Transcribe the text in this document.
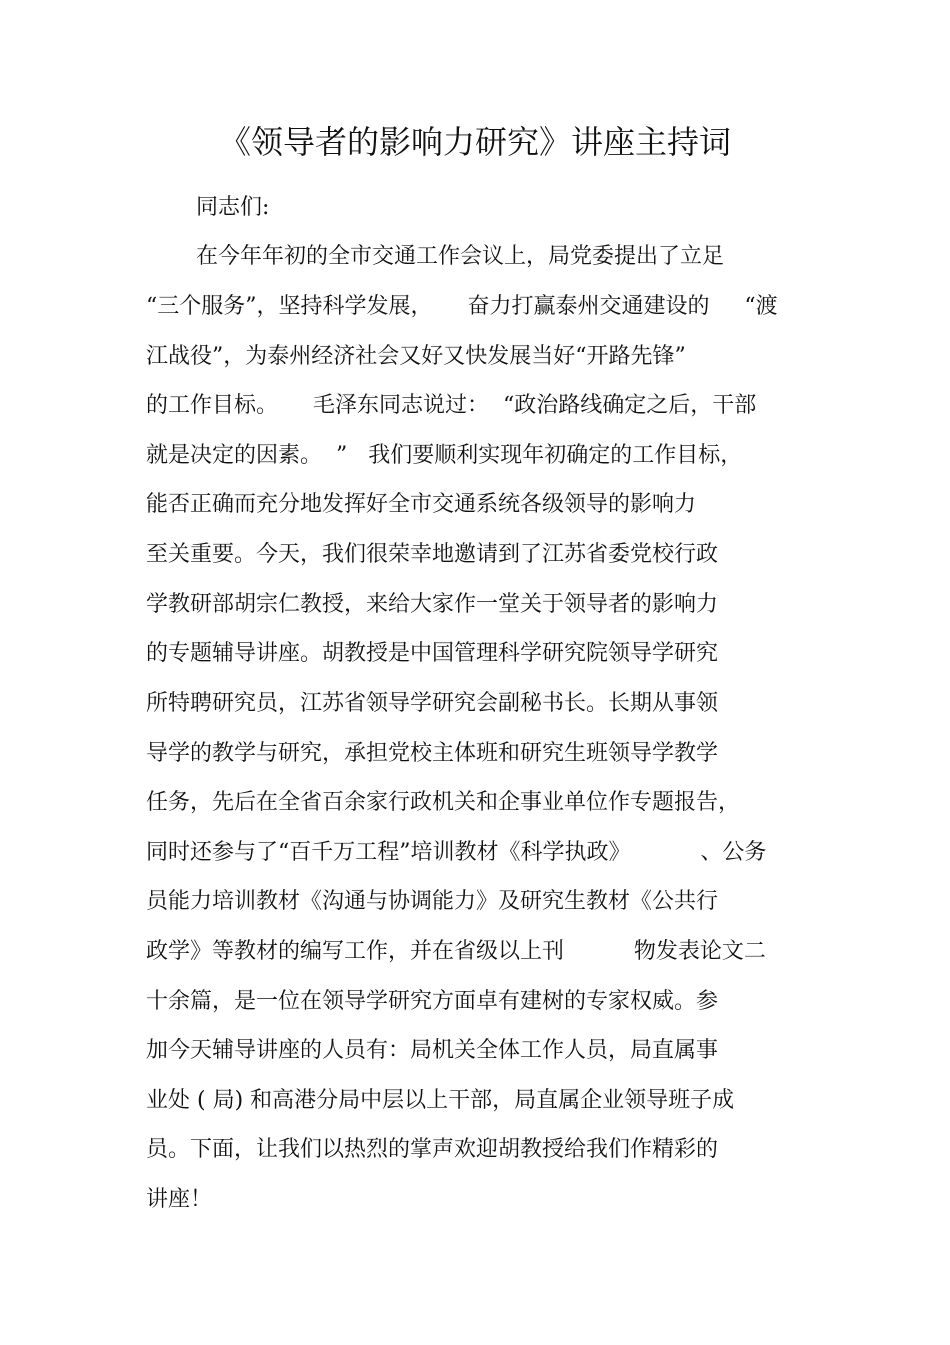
《领导者的影响力研究》讲座主持词
同志们:
在今年年初的全市交通工作会议上，局党委提出了立足
“三个服务”，坚持科学发展，     奋力打赢泰州交通建设的     “渡
江战役”，为泰州经济社会又好又快发展当好“开路先锋”
的工作目标。     毛泽东同志说过：  “政治路线确定之后，干部
就是决定的因素。  ”   我们要顺利实现年初确定的工作目标，
能否正确而充分地发挥好全市交通系统各级领导的影响力
至关重要。今天，我们很荣幸地邀请到了江苏省委党校行政
学教研部胡宗仁教授，来给大家作一堂关于领导者的影响力
的专题辅导讲座。胡教授是中国管理科学研究院领导学研究
所特聘研究员，江苏省领导学研究会副秘书长。长期从事领
导学的教学与研究，承担党校主体班和研究生班领导学教学
任务，先后在全省百余家行政机关和企事业单位作专题报告，
同时还参与了“百千万工程”培训教材《科学执政》          、公务
员能力培训教材《沟通与协调能力》及研究生教材《公共行
政学》等教材的编写工作，并在省级以上刊          物发表论文二
十余篇，是一位在领导学研究方面卓有建树的专家权威。参
加今天辅导讲座的人员有：局机关全体工作人员，局直属事
业处 ( 局) 和高港分局中层以上干部，局直属企业领导班子成
员。下面，让我们以热烈的掌声欢迎胡教授给我们作精彩的
讲座！
